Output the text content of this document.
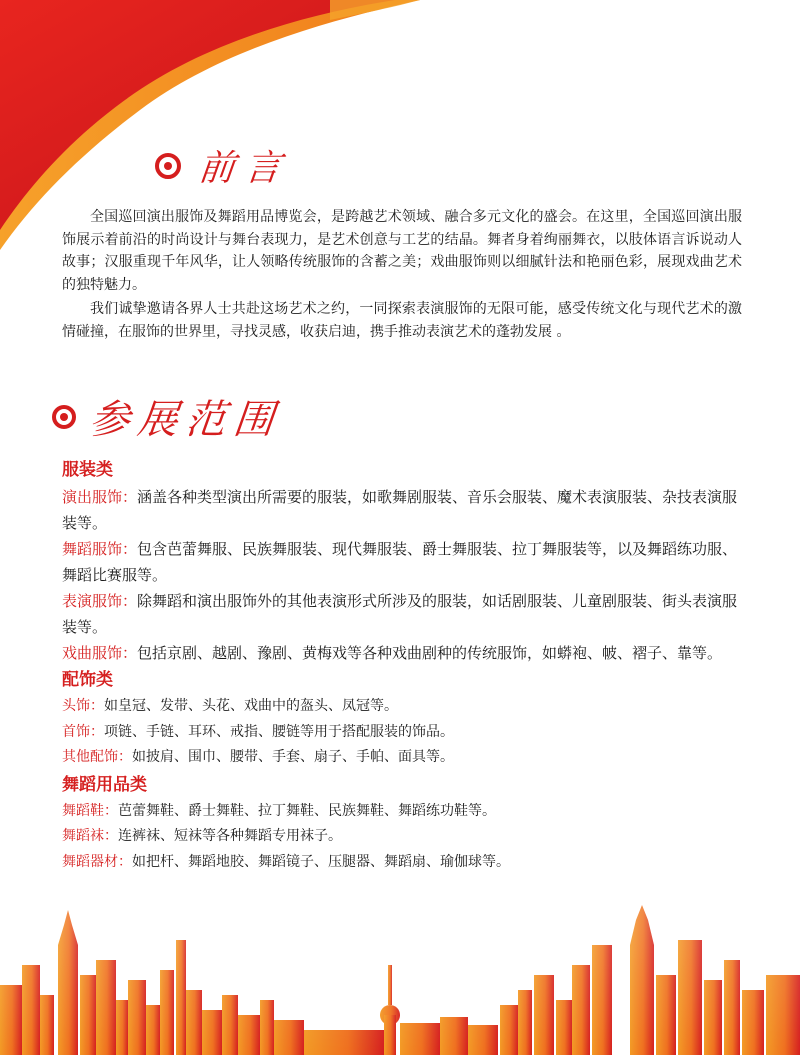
前言

全国巡回演出服饰及舞蹈用品博览会，是跨越艺术领域、融合多元文化的盛会。在这里，全国巡回演出服饰展示着前沿的时尚设计与舞台表现力，是艺术创意与工艺的结晶。舞者身着绚丽舞衣，以肢体语言诉说动人故事；汉服重现千年风华，让人领略传统服饰的含蓄之美；戏曲服饰则以细腻针法和艳丽色彩，展现戏曲艺术的独特魅力。

我们诚挚邀请各界人士共赴这场艺术之约，一同探索表演服饰的无限可能，感受传统文化与现代艺术的激情碰撞，在服饰的世界里，寻找灵感，收获启迪，携手推动表演艺术的蓬勃发展 。

参展范围
服装类

演出服饰：涵盖各种类型演出所需要的服装，如歌舞剧服装、音乐会服装、魔术表演服装、杂技表演服装等。

舞蹈服饰：包含芭蕾舞服、民族舞服装、现代舞服装、爵士舞服装、拉丁舞服装等，以及舞蹈练功服、舞蹈比赛服等。

表演服饰：除舞蹈和演出服饰外的其他表演形式所涉及的服装，如话剧服装、儿童剧服装、街头表演服装等。

戏曲服饰：包括京剧、越剧、豫剧、黄梅戏等各种戏曲剧种的传统服饰，如蟒袍、帔、褶子、靠等。

配饰类

头饰：如皇冠、发带、头花、戏曲中的盔头、凤冠等。

首饰：项链、手链、耳环、戒指、腰链等用于搭配服装的饰品。

其他配饰：如披肩、围巾、腰带、手套、扇子、手帕、面具等。

舞蹈用品类

舞蹈鞋：芭蕾舞鞋、爵士舞鞋、拉丁舞鞋、民族舞鞋、舞蹈练功鞋等。

舞蹈袜：连裤袜、短袜等各种舞蹈专用袜子。

舞蹈器材：如把杆、舞蹈地胶、舞蹈镜子、压腿器、舞蹈扇、瑜伽球等。
